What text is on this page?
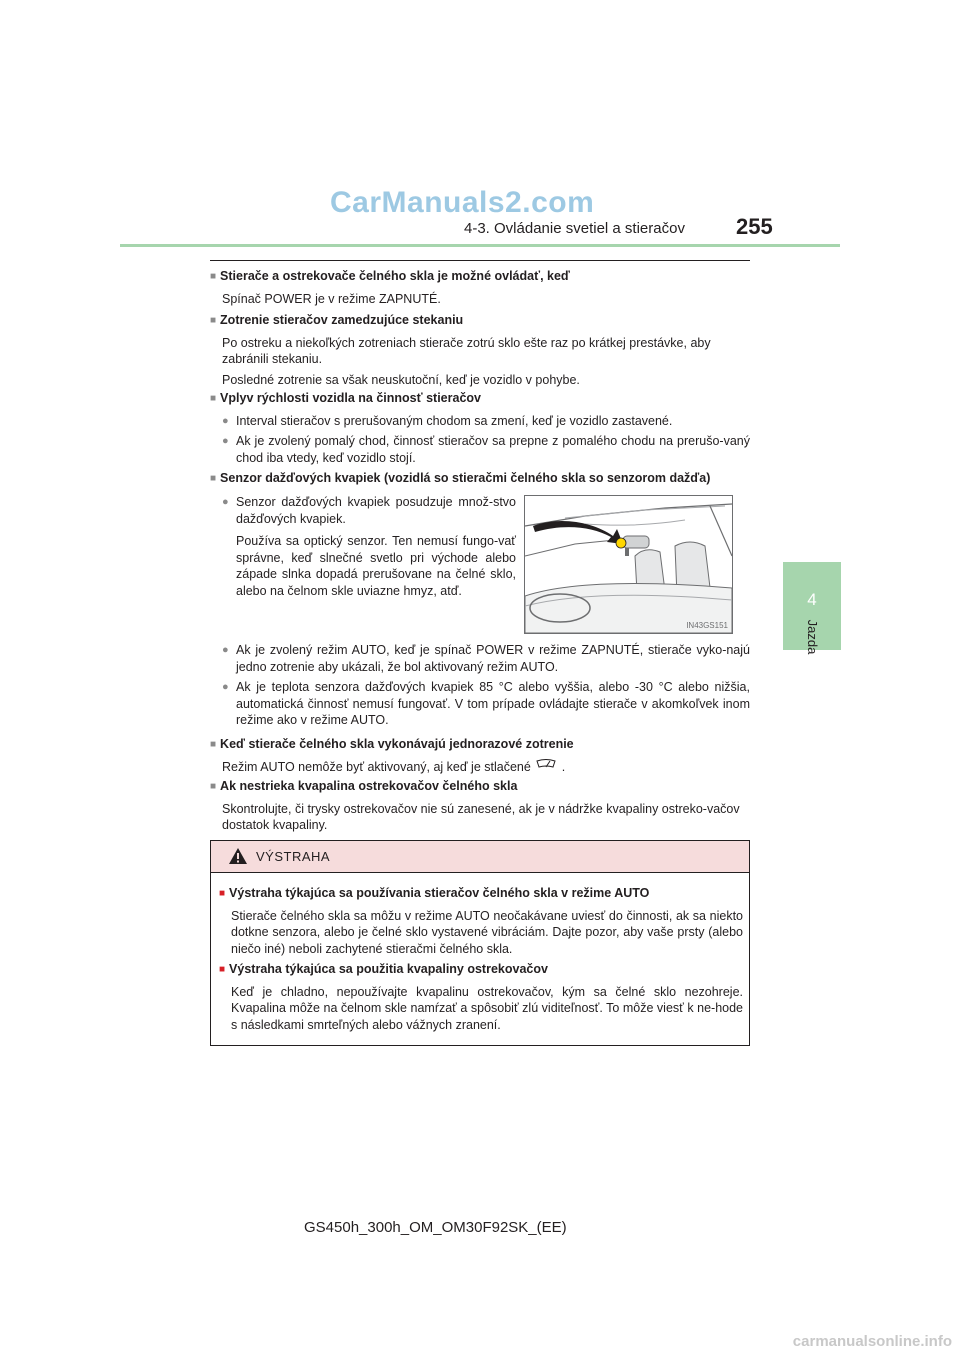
CarManuals2.com
4-3. Ovládanie svetiel a stieračov 255
4
Jazda
■ Stierače a ostrekovače čelného skla je možné ovládať, keď
Spínač POWER je v režime ZAPNUTÉ.
■ Zotrenie stieračov zamedzujúce stekaniu
Po ostreku a niekoľkých zotreniach stierače zotrú sklo ešte raz po krátkej prestávke, aby zabránili stekaniu.
Posledné zotrenie sa však neuskutoční, keď je vozidlo v pohybe.
■ Vplyv rýchlosti vozidla na činnosť stieračov
● Interval stieračov s prerušovaným chodom sa zmení, keď je vozidlo zastavené.
● Ak je zvolený pomalý chod, činnosť stieračov sa prepne z pomalého chodu na prerušo-vaný chod iba vtedy, keď vozidlo stojí.
■ Senzor dažďových kvapiek (vozidlá so stieračmi čelného skla so senzorom dažďa)
● Senzor dažďových kvapiek posudzuje množ-stvo dažďových kvapiek.
Používa sa optický senzor. Ten nemusí fungo-vať správne, keď slnečné svetlo pri východe alebo západe slnka dopadá prerušovane na čelné sklo, alebo na čelnom skle uviazne hmyz, atď.
IN43GS151
● Ak je zvolený režim AUTO, keď je spínač POWER v režime ZAPNUTÉ, stierače vyko-najú jedno zotrenie aby ukázali, že bol aktivovaný režim AUTO.
● Ak je teplota senzora dažďových kvapiek 85 °C alebo vyššia, alebo -30 °C alebo nižšia, automatická činnosť nemusí fungovať. V tom prípade ovládajte stierače v akomkoľvek inom režime ako v režime AUTO.
■ Keď stierače čelného skla vykonávajú jednorazové zotrenie
Režim AUTO nemôže byť aktivovaný, aj keď je stlačené .
■ Ak nestrieka kvapalina ostrekovačov čelného skla
Skontrolujte, či trysky ostrekovačov nie sú zanesené, ak je v nádržke kvapaliny ostreko-vačov dostatok kvapaliny.
VÝSTRAHA
■ Výstraha týkajúca sa používania stieračov čelného skla v režime AUTO
Stierače čelného skla sa môžu v režime AUTO neočakávane uviesť do činnosti, ak sa niekto dotkne senzora, alebo je čelné sklo vystavené vibráciám. Dajte pozor, aby vaše prsty (alebo niečo iné) neboli zachytené stieračmi čelného skla.
■ Výstraha týkajúca sa použitia kvapaliny ostrekovačov
Keď je chladno, nepoužívajte kvapalinu ostrekovačov, kým sa čelné sklo nezohreje. Kvapalina môže na čelnom skle namŕzať a spôsobiť zlú viditeľnosť. To môže viesť k ne-hode s následkami smrteľných alebo vážnych zranení.
GS450h_300h_OM_OM30F92SK_(EE)
carmanualsonline.info
